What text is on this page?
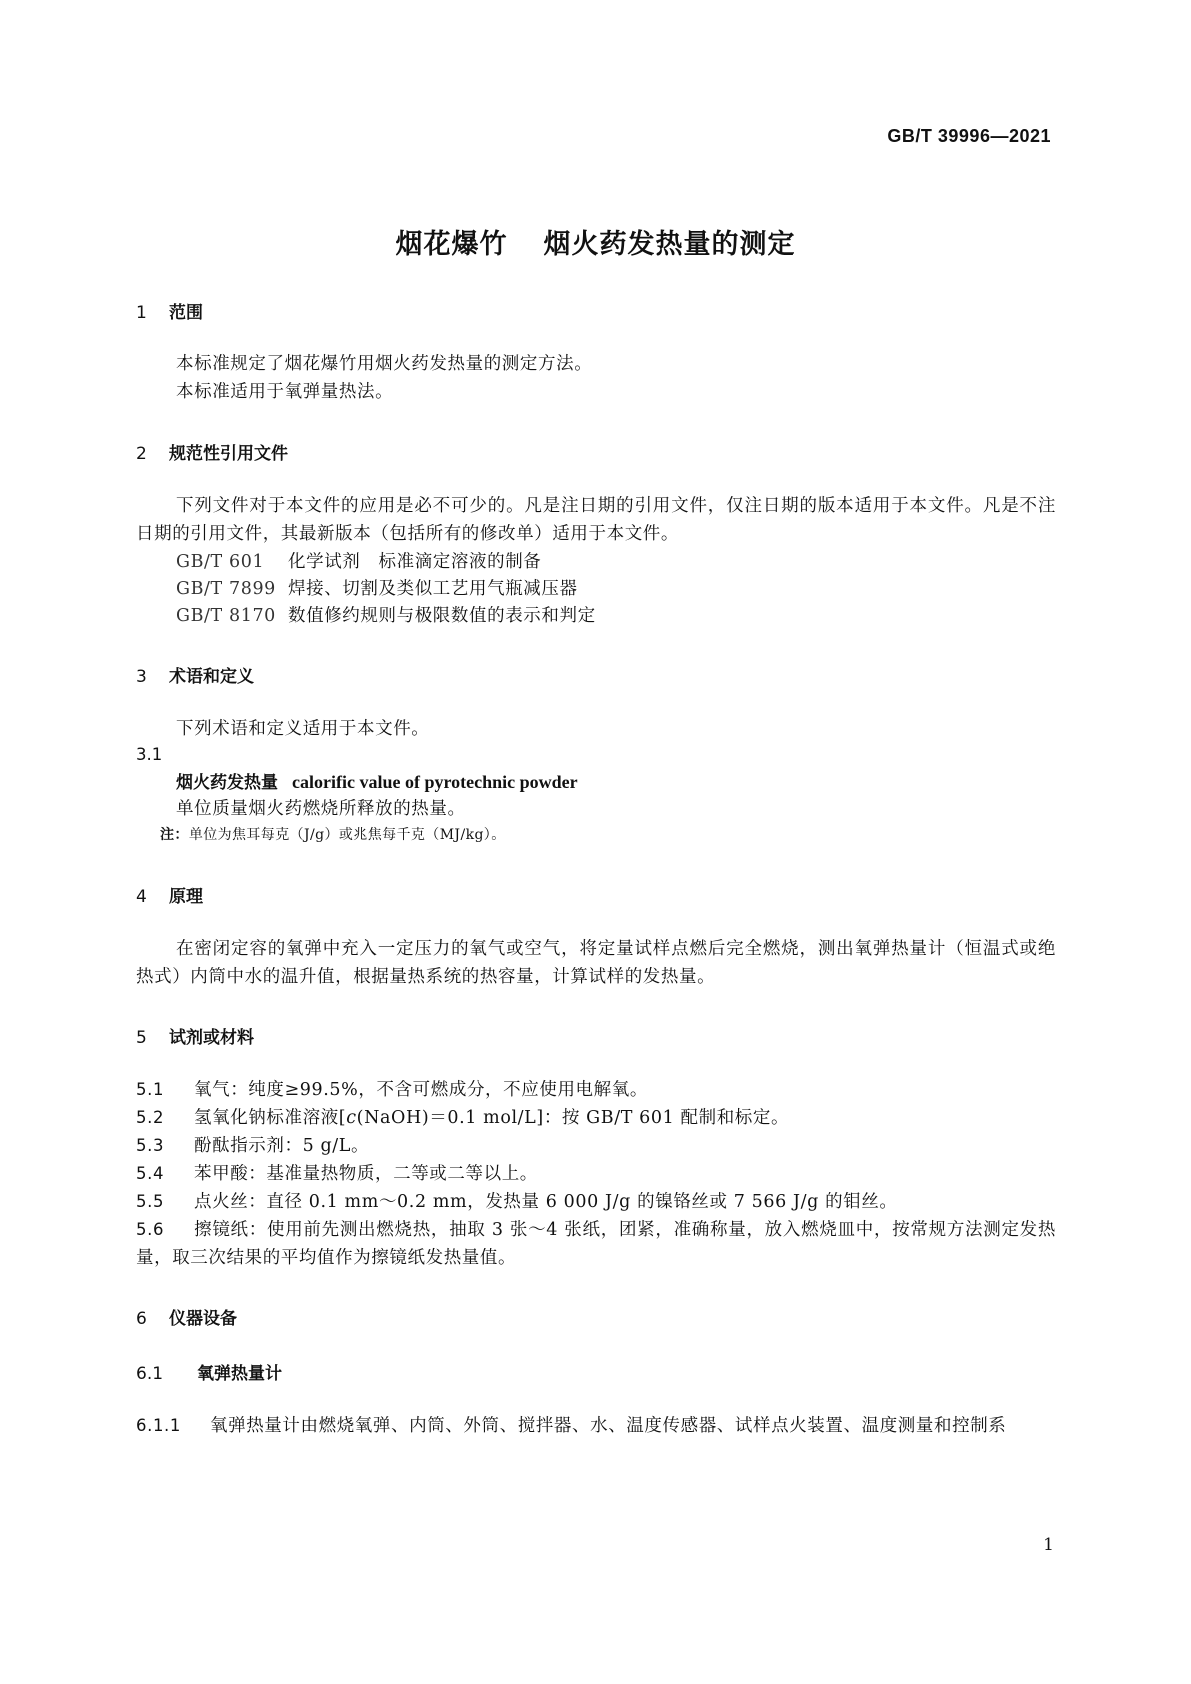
GB/T 39996—2021
烟花爆竹 烟火药发热量的测定
1 范围
本标准规定了烟花爆竹用烟火药发热量的测定方法。
本标准适用于氧弹量热法。
2 规范性引用文件
下列文件对于本文件的应用是必不可少的。凡是注日期的引用文件，仅注日期的版本适用于本文件。凡是不注日期的引用文件，其最新版本（包括所有的修改单）适用于本文件。
GB/T 601 化学试剂　标准滴定溶液的制备
GB/T 7899 焊接、切割及类似工艺用气瓶减压器
GB/T 8170 数值修约规则与极限数值的表示和判定
3 术语和定义
下列术语和定义适用于本文件。
3.1
烟火药发热量 calorific value of pyrotechnic powder
单位质量烟火药燃烧所释放的热量。
注：单位为焦耳每克（J/g）或兆焦每千克（MJ/kg）。
4 原理
在密闭定容的氧弹中充入一定压力的氧气或空气，将定量试样点燃后完全燃烧，测出氧弹热量计（恒温式或绝热式）内筒中水的温升值，根据量热系统的热容量，计算试样的发热量。
5 试剂或材料
5.1 氧气：纯度≥99.5%，不含可燃成分，不应使用电解氧。
5.2 氢氧化钠标准溶液[c(NaOH)＝0.1 mol/L]：按 GB/T 601 配制和标定。
5.3 酚酞指示剂：5 g/L。
5.4 苯甲酸：基准量热物质，二等或二等以上。
5.5 点火丝：直径 0.1 mm～0.2 mm，发热量 6 000 J/g 的镍铬丝或 7 566 J/g 的钼丝。
5.6 擦镜纸：使用前先测出燃烧热，抽取 3 张～4 张纸，团紧，准确称量，放入燃烧皿中，按常规方法测定发热量，取三次结果的平均值作为擦镜纸发热量值。
6 仪器设备
6.1 氧弹热量计
6.1.1 氧弹热量计由燃烧氧弹、内筒、外筒、搅拌器、水、温度传感器、试样点火装置、温度测量和控制系
1
